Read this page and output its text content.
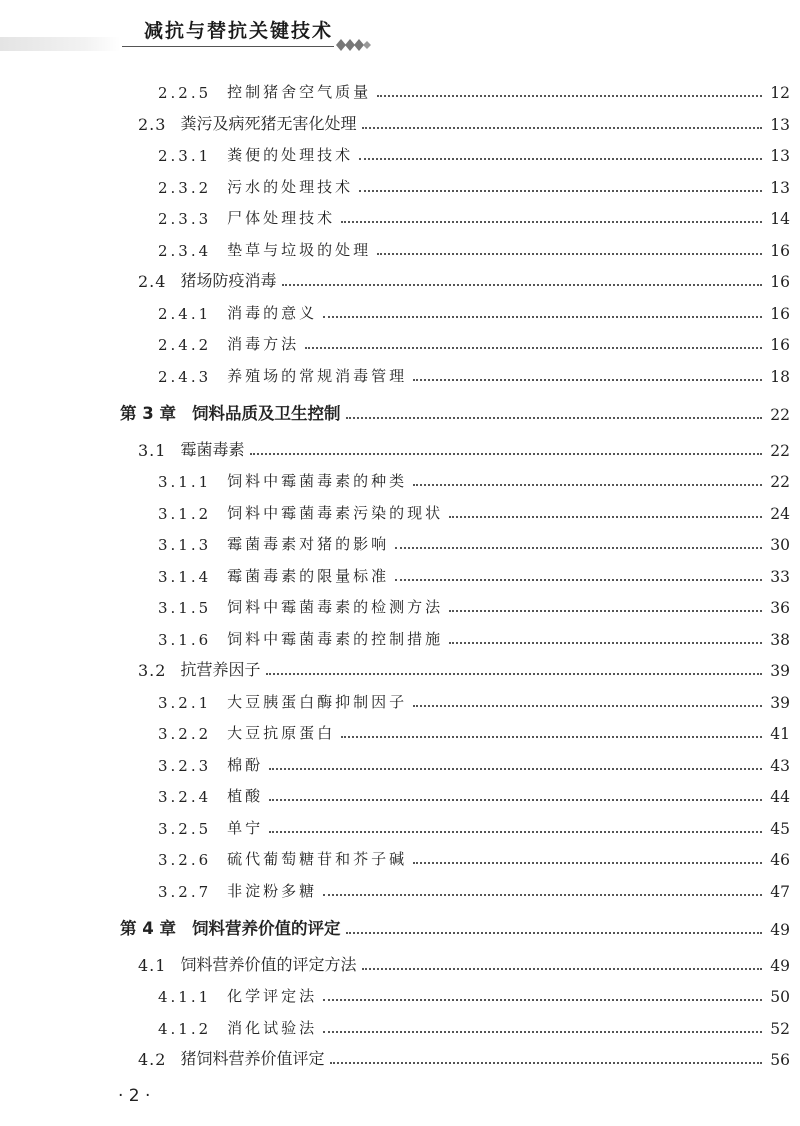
减抗与替抗关键技术
2.2.5	控制猪舍空气质量	12
2.3 粪污及病死猪无害化处理	13
2.3.1	粪便的处理技术	13
2.3.2	污水的处理技术	13
2.3.3	尸体处理技术	14
2.3.4	垫草与垃圾的处理	16
2.4 猪场防疫消毒	16
2.4.1	消毒的意义	16
2.4.2	消毒方法	16
2.4.3	养殖场的常规消毒管理	18
第 3 章 饲料品质及卫生控制	22
3.1 霉菌毒素	22
3.1.1	饲料中霉菌毒素的种类	22
3.1.2	饲料中霉菌毒素污染的现状	24
3.1.3	霉菌毒素对猪的影响	30
3.1.4	霉菌毒素的限量标准	33
3.1.5	饲料中霉菌毒素的检测方法	36
3.1.6	饲料中霉菌毒素的控制措施	38
3.2 抗营养因子	39
3.2.1	大豆胰蛋白酶抑制因子	39
3.2.2	大豆抗原蛋白	41
3.2.3	棉酚	43
3.2.4	植酸	44
3.2.5	单宁	45
3.2.6	硫代葡萄糖苷和芥子碱	46
3.2.7	非淀粉多糖	47
第 4 章 饲料营养价值的评定	49
4.1 饲料营养价值的评定方法	49
4.1.1	化学评定法	50
4.1.2	消化试验法	52
4.2 猪饲料营养价值评定	56
· 2 ·
